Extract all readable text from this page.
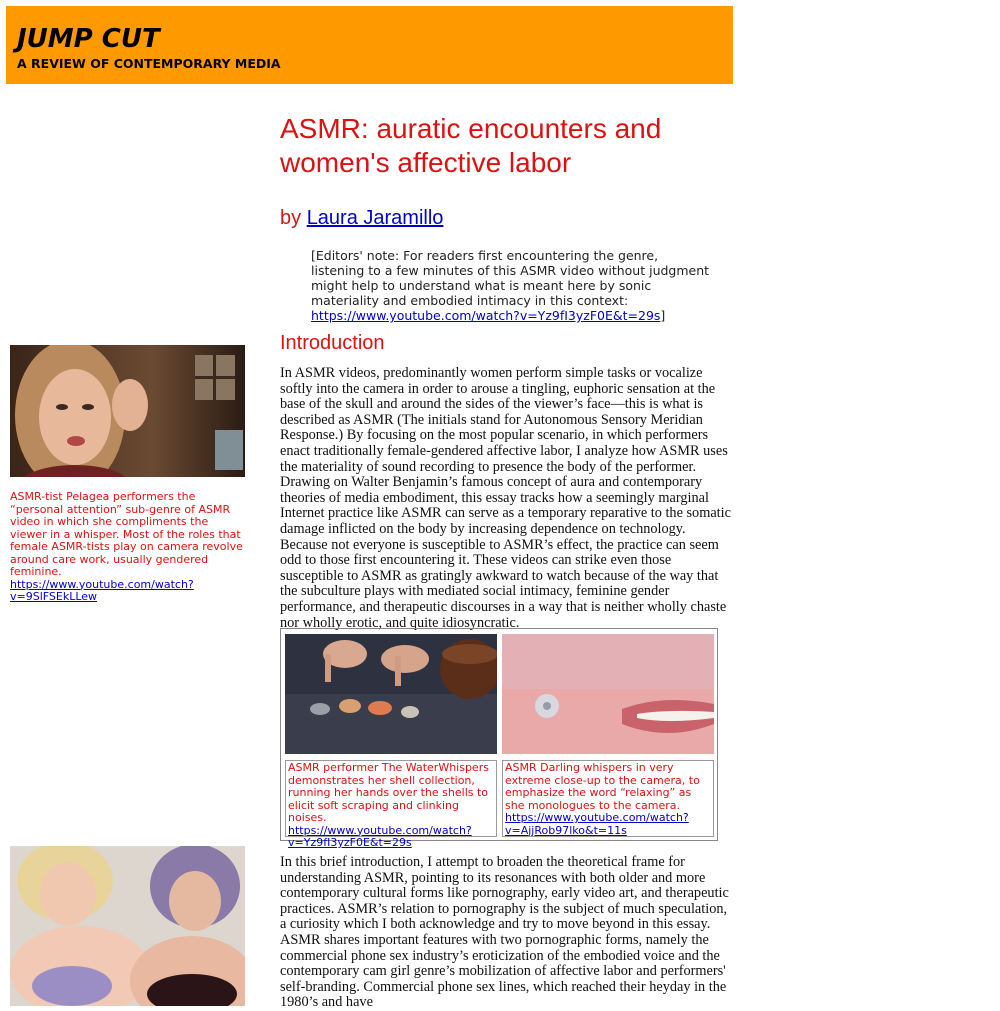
JUMP CUT
A REVIEW OF CONTEMPORARY MEDIA
ASMR: auratic encounters and women's affective labor
by Laura Jaramillo
[Editors' note: For readers first encountering the genre, listening to a few minutes of this ASMR video without judgment might help to understand what is meant here by sonic materiality and embodied intimacy in this context: https://www.youtube.com/watch?v=Yz9fI3yzF0E&t=29s]
Introduction

In ASMR videos, predominantly women perform simple tasks or vocalize softly into the camera in order to arouse a tingling, euphoric sensation at the base of the skull and around the sides of the viewer’s face––this is what is described as ASMR (The initials stand for Autonomous Sensory Meridian Response.) By focusing on the most popular scenario, in which performers enact traditionally female-gendered affective labor, I analyze how ASMR uses the materiality of sound recording to presence the body of the performer. Drawing on Walter Benjamin’s famous concept of aura and contemporary theories of media embodiment, this essay tracks how a seemingly marginal Internet practice like ASMR can serve as a temporary reparative to the somatic damage inflicted on the body by increasing dependence on technology. Because not everyone is susceptible to ASMR’s effect, the practice can seem odd to those first encountering it. These videos can strike even those susceptible to ASMR as gratingly awkward to watch because of the way that the subculture plays with mediated social intimacy, feminine gender performance, and therapeutic discourses in a way that is neither wholly chaste nor wholly erotic, and quite idiosyncratic.

ASMR-tist Pelagea performers the “personal attention” sub-genre of ASMR video in which she compliments the viewer in a whisper. Most of the roles that female ASMR-tists play on camera revolve around care work, usually gendered feminine.
https://www.youtube.com/watch?v=9SlFSEkLLew
ASMR performer The WaterWhispers demonstrates her shell collection, running her hands over the shells to elicit soft scraping and clinking noises. https://www.youtube.com/watch?v=Yz9fI3yzF0E&t=29s
ASMR Darling whispers in very extreme close-up to the camera, to emphasize the word “relaxing” as she monologues to the camera. https://www.youtube.com/watch?v=AjjRob97lko&t=11s

In this brief introduction, I attempt to broaden the theoretical frame for understanding ASMR, pointing to its resonances with both older and more contemporary cultural forms like pornography, early video art, and therapeutic practices. ASMR’s relation to pornography is the subject of much speculation, a curiosity which I both acknowledge and try to move beyond in this essay. ASMR shares important features with two pornographic forms, namely the commercial phone sex industry’s eroticization of the embodied voice and the contemporary cam girl genre’s mobilization of affective labor and performers' self-branding. Commercial phone sex lines, which reached their heyday in the 1980’s and have
